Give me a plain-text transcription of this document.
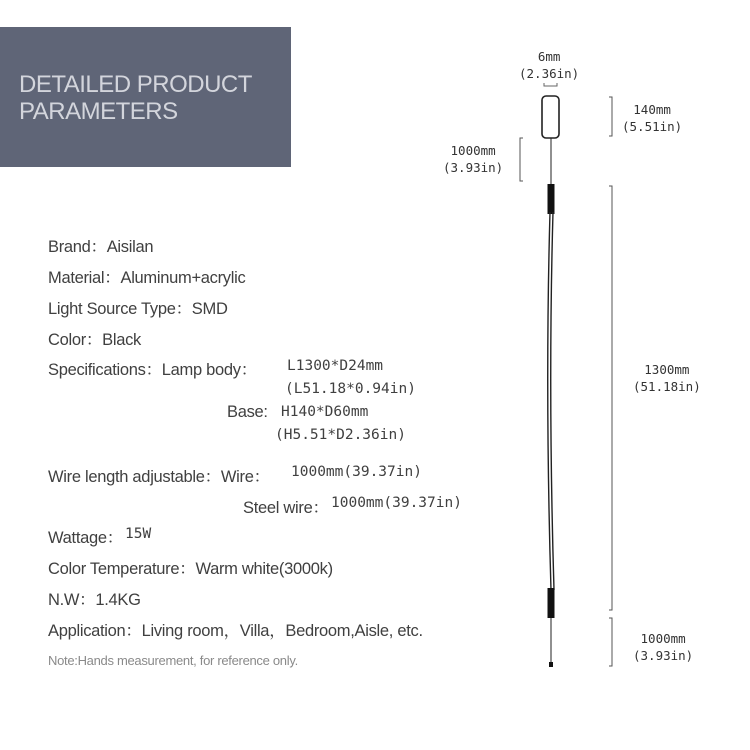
DETAILED PRODUCT
PARAMETERS
Brand：Aisilan
Material：Aluminum+acrylic
Light Source Type：SMD
Color：Black
Specifications：Lamp body： L1300*D24mm
(L51.18*0.94in)
Base: H140*D60mm
(H5.51*D2.36in)
Wire length adjustable：Wire： 1000mm(39.37in)
Steel wire： 1000mm(39.37in)
Wattage： 15W
Color Temperature：Warm white(3000k)
N.W：1.4KG
Application：Living room，Villa，Bedroom,Aisle, etc.
Note:Hands measurement, for reference only.
6mm
(2.36in)
140mm
(5.51in)
1000mm
(3.93in)
1300mm
(51.18in)
1000mm
(3.93in)
